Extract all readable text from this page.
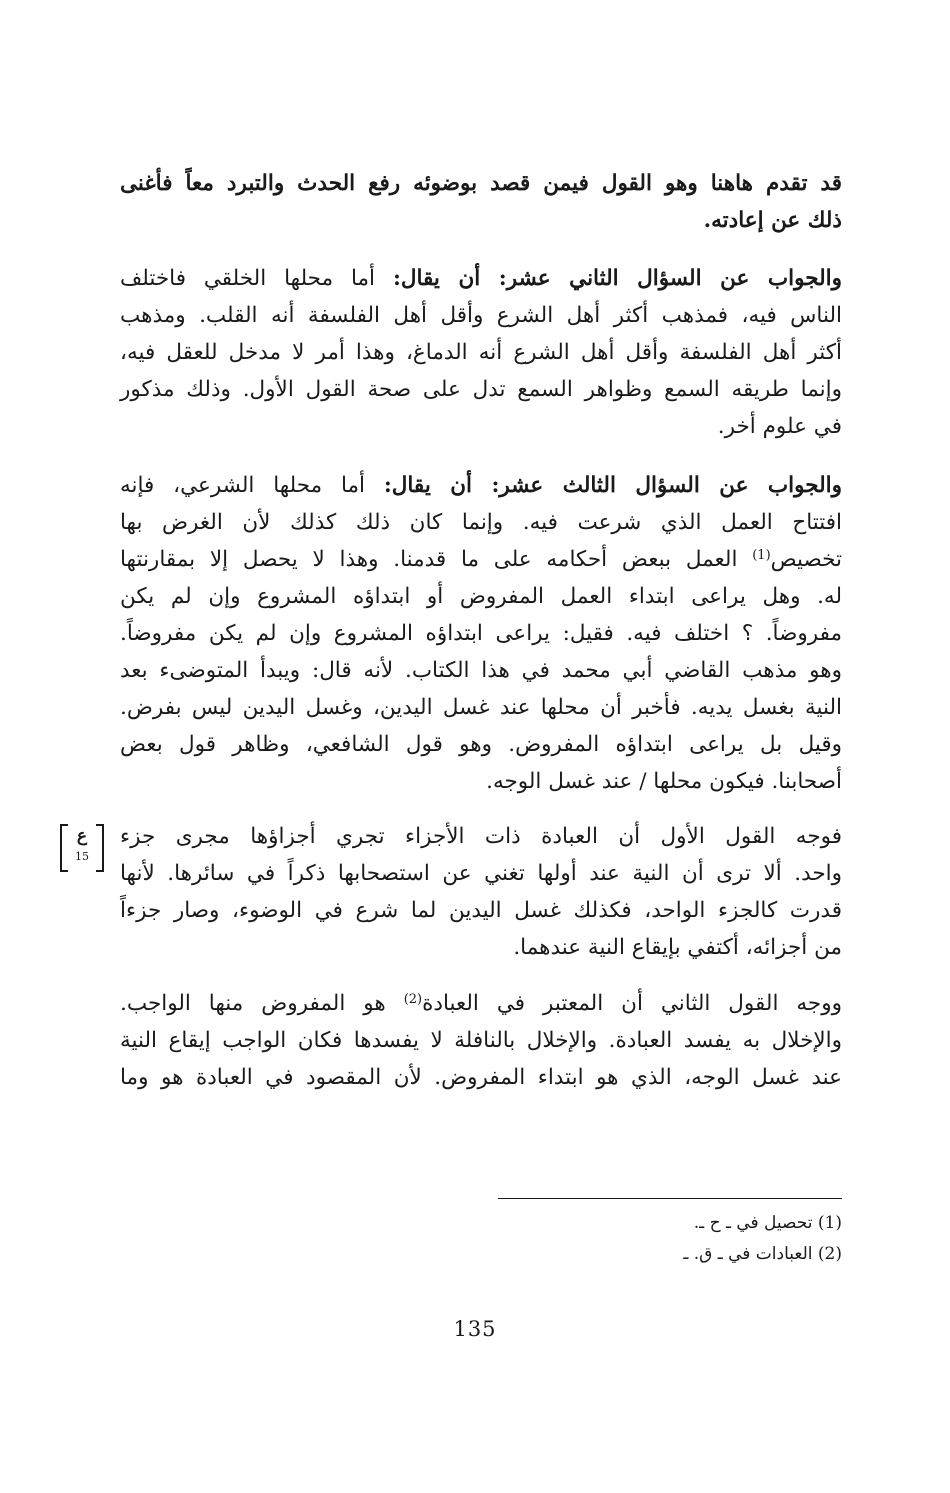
قد تقدم هاهنا وهو القول فيمن قصد بوضوئه رفع الحدث والتبرد معاً فأغنى
ذلك عن إعادته.

والجواب عن السؤال الثاني عشر: أن يقال: أما محلها الخلقي فاختلف
الناس فيه، فمذهب أكثر أهل الشرع وأقل أهل الفلسفة أنه القلب. ومذهب
أكثر أهل الفلسفة وأقل أهل الشرع أنه الدماغ، وهذا أمر لا مدخل للعقل فيه،
وإنما طريقه السمع وظواهر السمع تدل على صحة القول الأول. وذلك مذكور
في علوم أخر.

والجواب عن السؤال الثالث عشر: أن يقال: أما محلها الشرعي، فإنه
افتتاح العمل الذي شرعت فيه. وإنما كان ذلك كذلك لأن الغرض بها
تخصيص$^{(1)}$ العمل ببعض أحكامه على ما قدمنا. وهذا لا يحصل إلا بمقارنتها
له. وهل يراعى ابتداء العمل المفروض أو ابتداؤه المشروع وإن لم يكن
مفروضاً. ؟ اختلف فيه. فقيل: يراعى ابتداؤه المشروع وإن لم يكن مفروضاً.
وهو مذهب القاضي أبي محمد في هذا الكتاب. لأنه قال: ويبدأ المتوضىء بعد
النية بغسل يديه. فأخبر أن محلها عند غسل اليدين، وغسل اليدين ليس بفرض.
وقيل بل يراعى ابتداؤه المفروض. وهو قول الشافعي، وظاهر قول بعض
أصحابنا. فيكون محلها / عند غسل الوجه.

فوجه القول الأول أن العبادة ذات الأجزاء تجري أجزاؤها مجرى جزء
واحد. ألا ترى أن النية عند أولها تغني عن استصحابها ذكراً في سائرها. لأنها
قدرت كالجزء الواحد، فكذلك غسل اليدين لما شرع في الوضوء، وصار جزءاً
من أجزائه، أكتفي بإيقاع النية عندهما.

ووجه القول الثاني أن المعتبر في العبادة$^{(2)}$ هو المفروض منها الواجب.
والإخلال به يفسد العبادة. والإخلال بالنافلة لا يفسدها فكان الواجب إيقاع النية
عند غسل الوجه، الذي هو ابتداء المفروض. لأن المقصود في العبادة هو وما

ع
15
(1) تحصيل في ـ ح ـ.
(2) العبادات في ـ ق. ـ
135
